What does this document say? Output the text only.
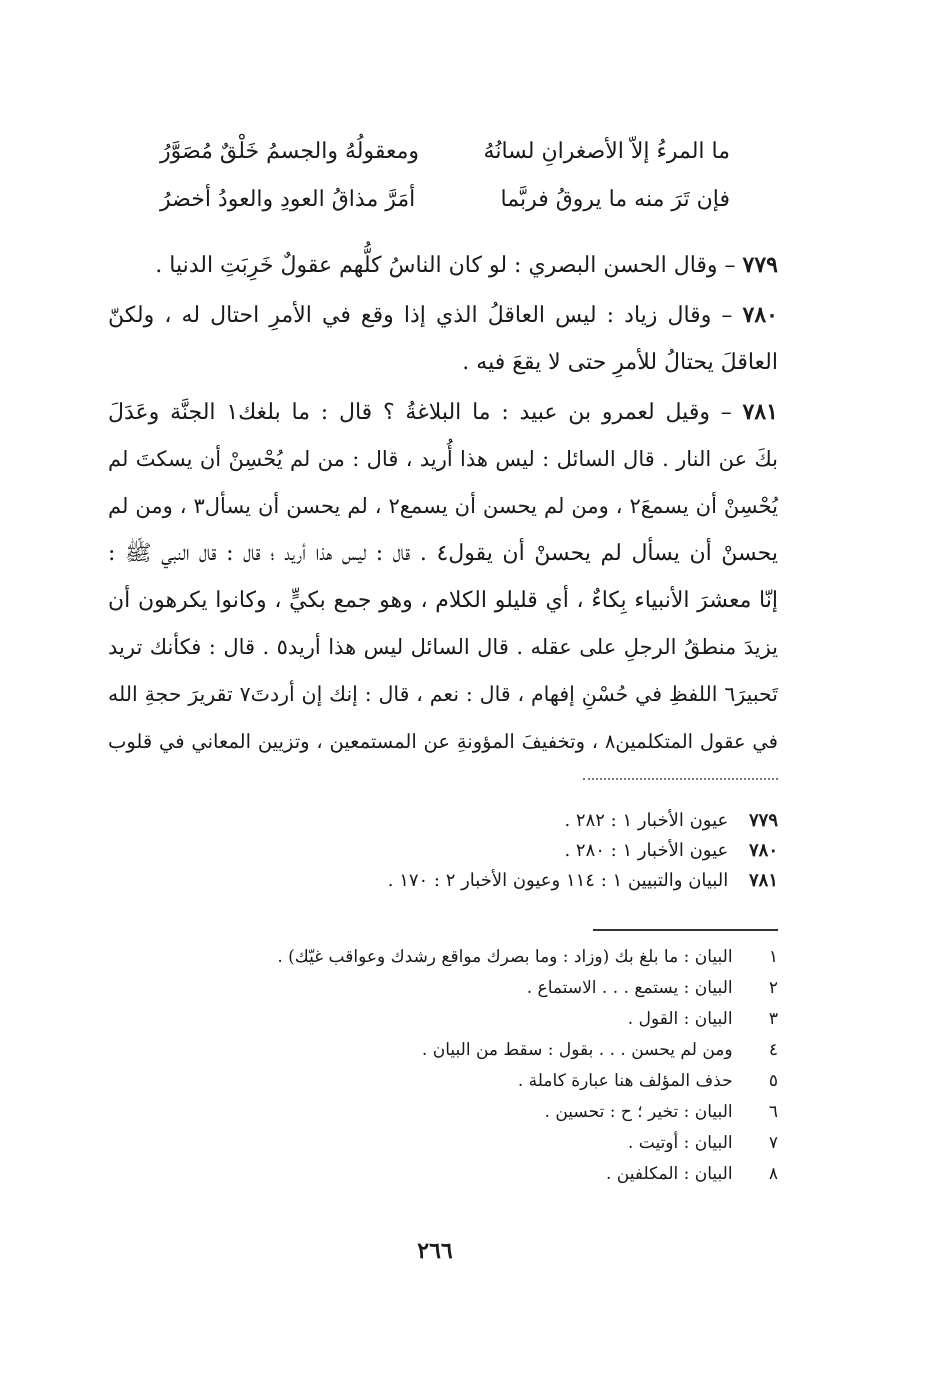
ما المرءُ إلاّ الأصغرانِ لسانُهُ
ومعقولُهُ والجسمُ خَلْقٌ مُصَوَّرُ
فإن تَرَ منه ما يروقُ فربَّما
أمَرَّ مذاقُ العودِ والعودُ أخضرُ
٧٧٩ – وقال الحسن البصري : لو كان الناسُ كلُّهم عقولٌ خَرِبَتِ الدنيا .
٧٨٠ – وقال زياد : ليس العاقلُ الذي إذا وقع في الأمرِ احتال له ، ولكنّ
العاقلَ يحتالُ للأمرِ حتى لا يقعَ فيه .
٧٨١ – وقيل لعمرو بن عبيد : ما البلاغةُ ؟ قال : ما بلغك١ الجنَّة وعَدَلَ
بكَ عن النار . قال السائل : ليس هذا أُريد ، قال : من لم يُحْسِنْ أن يسكتَ لم
يُحْسِنْ أن يسمعَ٢ ، ومن لم يحسن أن يسمع٢ ، لم يحسن أن يسأل٣ ، ومن لم
يحسنْ أن يسأل لم يحسنْ أن يقول٤ . قال : ليس هذا أريد ؛ قال : قال النبي ﷺ :
إنّا معشرَ الأنبياء بِكاءٌ ، أي قليلو الكلام ، وهو جمع بكيٍّ ، وكانوا يكرهون أن
يزيدَ منطقُ الرجلِ على عقله . قال السائل ليس هذا أريد٥ . قال : فكأنك تريد
تَحبيرَ٦ اللفظِ في حُسْنِ إفهام ، قال : نعم ، قال : إنك إن أردتَ٧ تقريرَ حجةِ الله
في عقول المتكلمين٨ ، وتخفيفَ المؤونةِ عن المستمعين ، وتزيين المعاني في قلوب
٧٧٩ عيون الأخبار ١ : ٢٨٢ .
٧٨٠ عيون الأخبار ١ : ٢٨٠ .
٧٨١ البيان والتبيين ١ : ١١٤ وعيون الأخبار ٢ : ١٧٠ .
١ البيان : ما بلغ بك (وزاد : وما بصرك مواقع رشدك وعواقب غيّك) .
٢ البيان : يستمع . . . الاستماع .
٣ البيان : القول .
٤ ومن لم يحسن . . . بقول : سقط من البيان .
٥ حذف المؤلف هنا عبارة كاملة .
٦ البيان : تخير ؛ ح : تحسين .
٧ البيان : أوتيت .
٨ البيان : المكلفين .
٢٦٦
